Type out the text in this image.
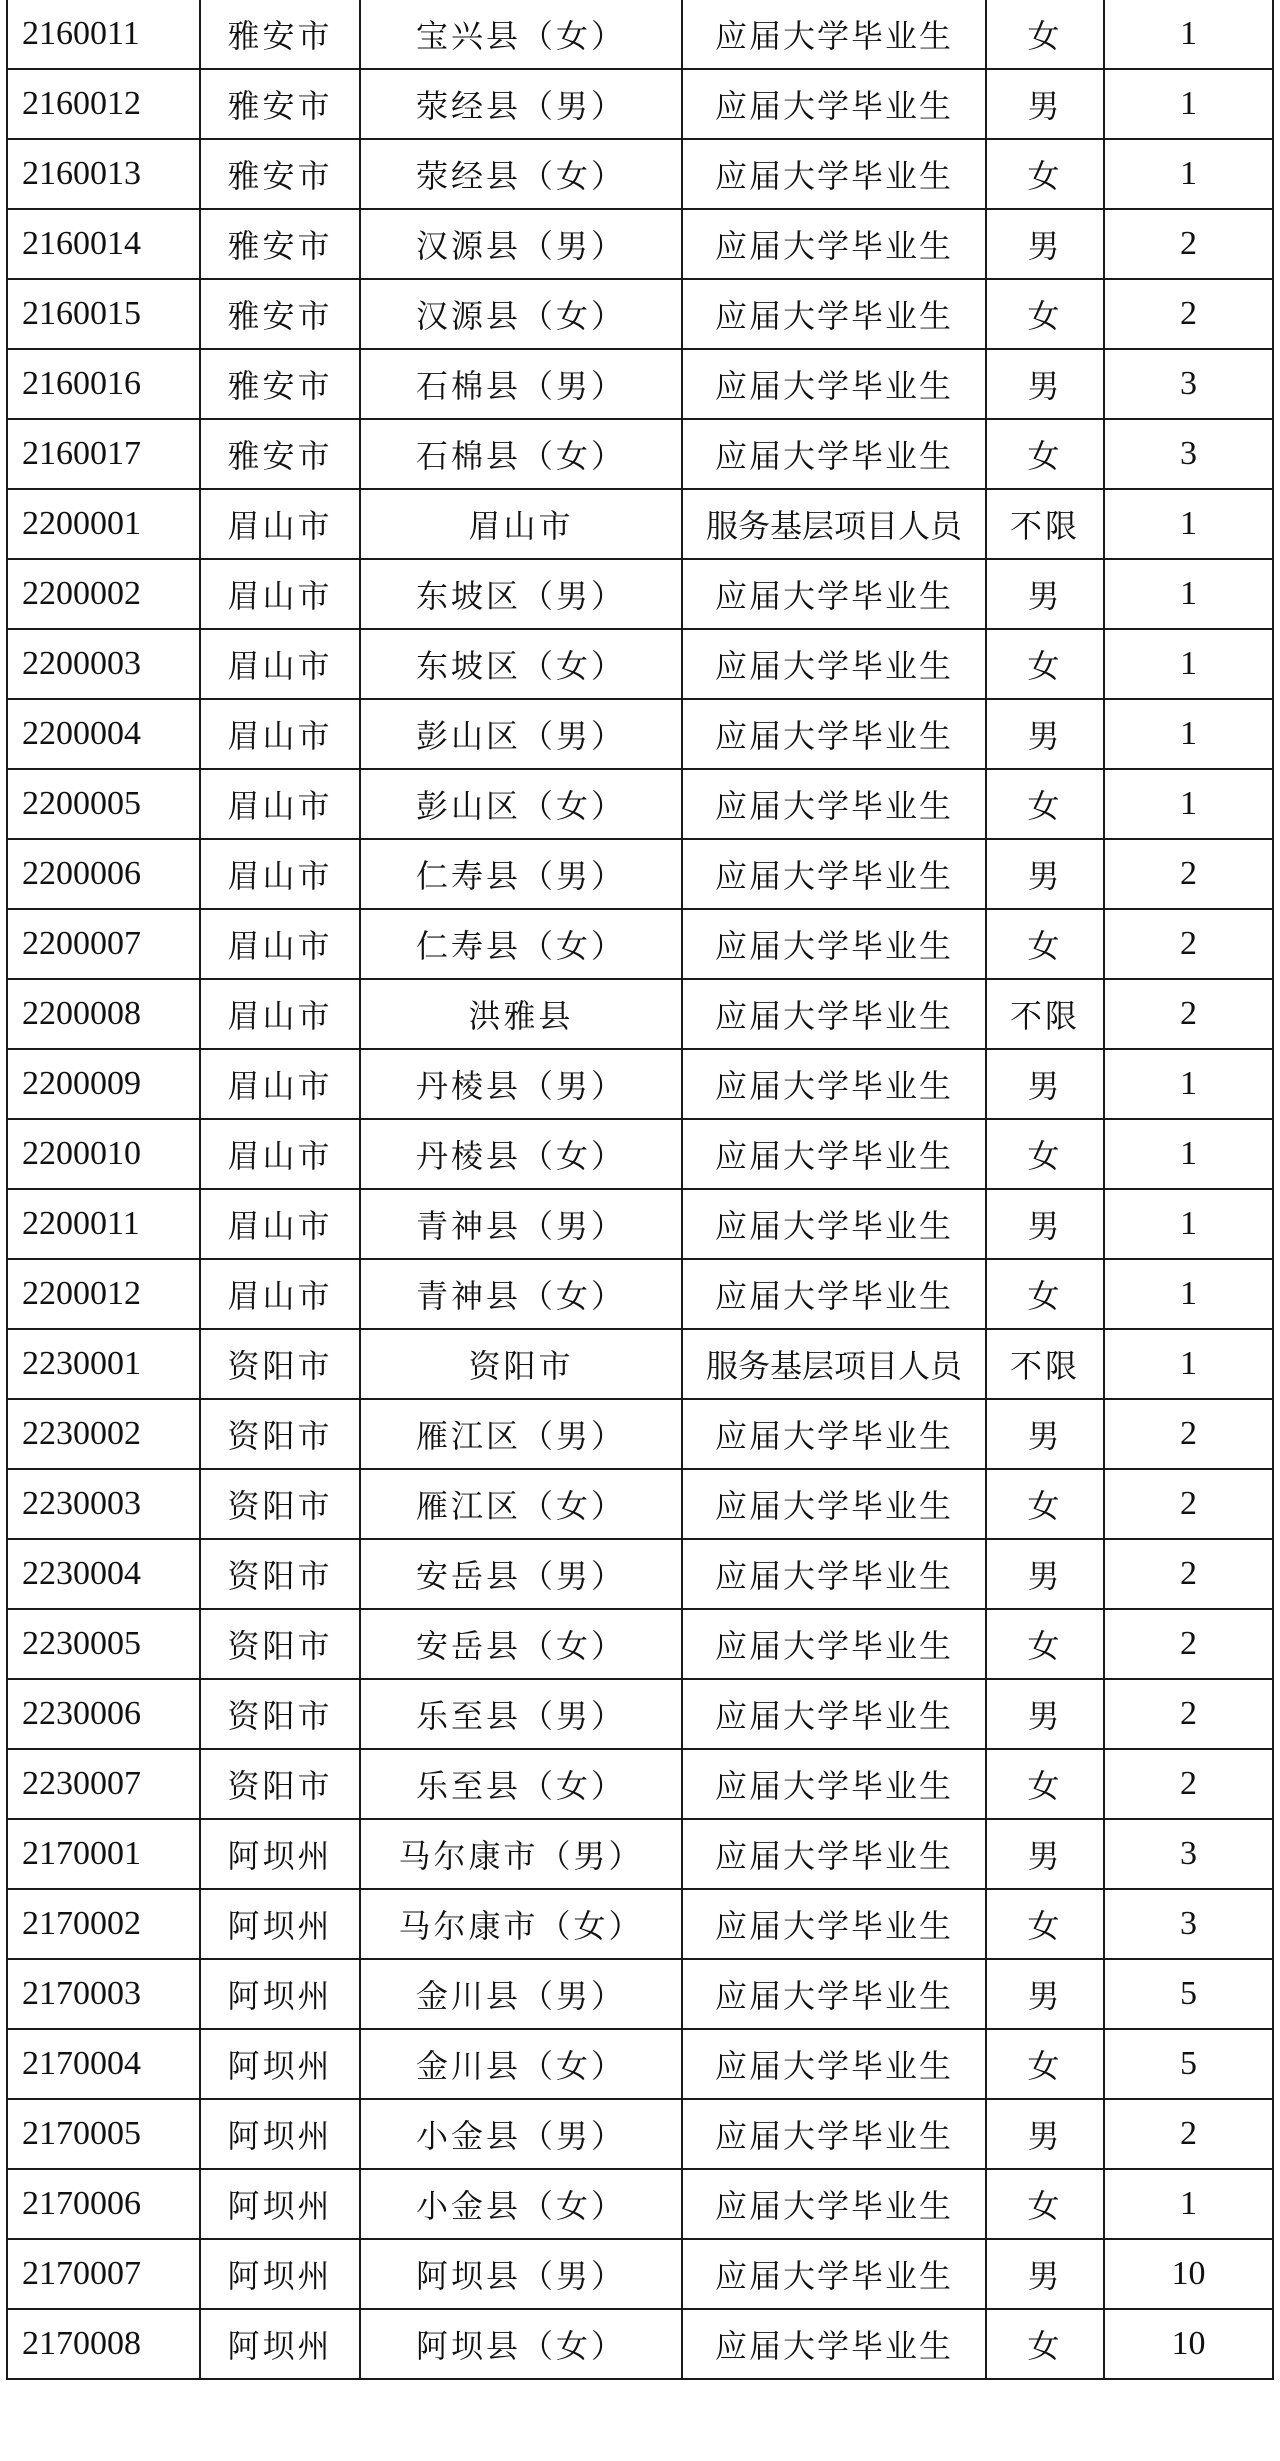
2160011	雅安市	宝兴县（女）	应届大学毕业生	女	1
2160012	雅安市	荥经县（男）	应届大学毕业生	男	1
2160013	雅安市	荥经县（女）	应届大学毕业生	女	1
2160014	雅安市	汉源县（男）	应届大学毕业生	男	2
2160015	雅安市	汉源县（女）	应届大学毕业生	女	2
2160016	雅安市	石棉县（男）	应届大学毕业生	男	3
2160017	雅安市	石棉县（女）	应届大学毕业生	女	3
2200001	眉山市	眉山市	服务基层项目人员	不限	1
2200002	眉山市	东坡区（男）	应届大学毕业生	男	1
2200003	眉山市	东坡区（女）	应届大学毕业生	女	1
2200004	眉山市	彭山区（男）	应届大学毕业生	男	1
2200005	眉山市	彭山区（女）	应届大学毕业生	女	1
2200006	眉山市	仁寿县（男）	应届大学毕业生	男	2
2200007	眉山市	仁寿县（女）	应届大学毕业生	女	2
2200008	眉山市	洪雅县	应届大学毕业生	不限	2
2200009	眉山市	丹棱县（男）	应届大学毕业生	男	1
2200010	眉山市	丹棱县（女）	应届大学毕业生	女	1
2200011	眉山市	青神县（男）	应届大学毕业生	男	1
2200012	眉山市	青神县（女）	应届大学毕业生	女	1
2230001	资阳市	资阳市	服务基层项目人员	不限	1
2230002	资阳市	雁江区（男）	应届大学毕业生	男	2
2230003	资阳市	雁江区（女）	应届大学毕业生	女	2
2230004	资阳市	安岳县（男）	应届大学毕业生	男	2
2230005	资阳市	安岳县（女）	应届大学毕业生	女	2
2230006	资阳市	乐至县（男）	应届大学毕业生	男	2
2230007	资阳市	乐至县（女）	应届大学毕业生	女	2
2170001	阿坝州	马尔康市（男）	应届大学毕业生	男	3
2170002	阿坝州	马尔康市（女）	应届大学毕业生	女	3
2170003	阿坝州	金川县（男）	应届大学毕业生	男	5
2170004	阿坝州	金川县（女）	应届大学毕业生	女	5
2170005	阿坝州	小金县（男）	应届大学毕业生	男	2
2170006	阿坝州	小金县（女）	应届大学毕业生	女	1
2170007	阿坝州	阿坝县（男）	应届大学毕业生	男	10
2170008	阿坝州	阿坝县（女）	应届大学毕业生	女	10
